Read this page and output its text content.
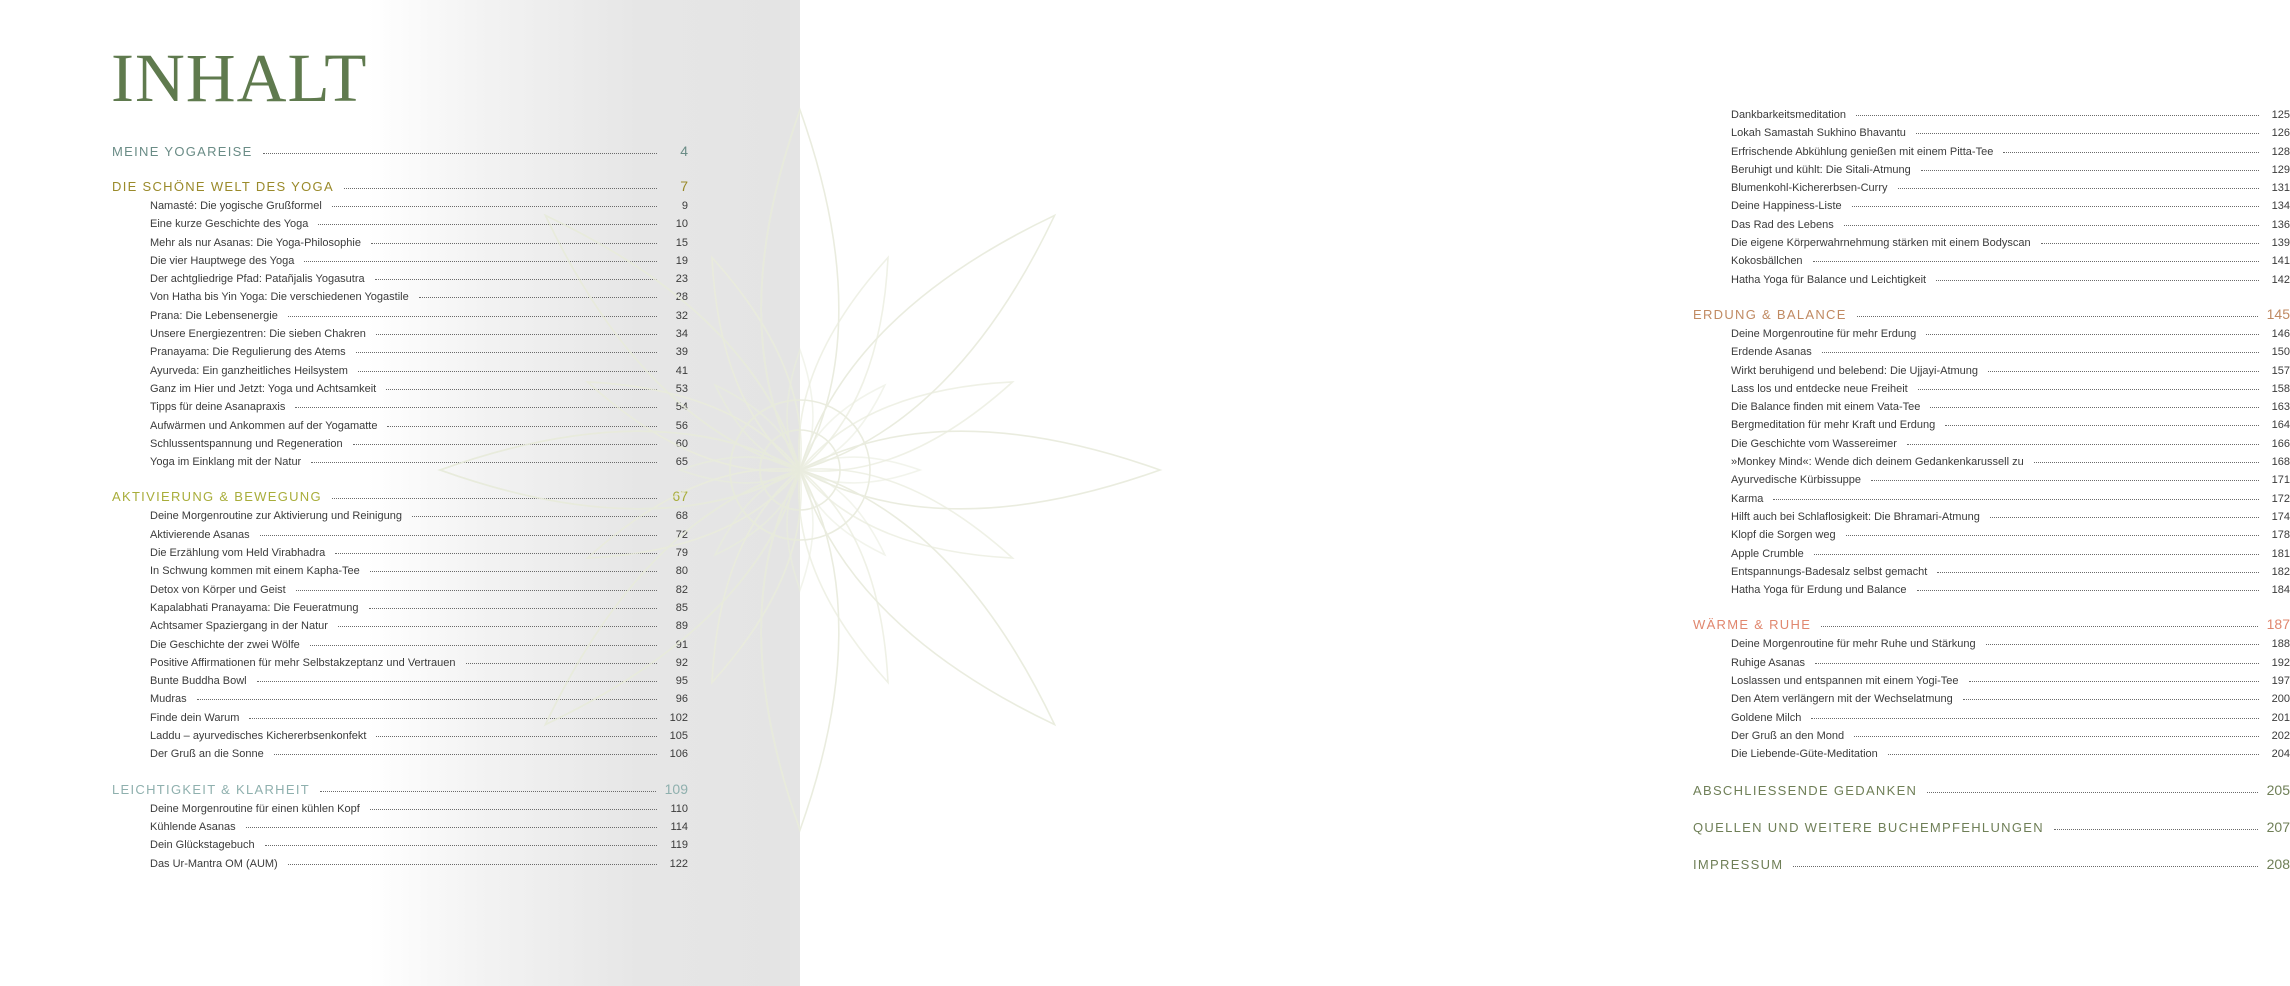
INHALT
MEINE YOGAREISE	4
DIE SCHÖNE WELT DES YOGA	7
Namasté: Die yogische Grußformel	9
Eine kurze Geschichte des Yoga	10
Mehr als nur Asanas: Die Yoga-Philosophie	15
Die vier Hauptwege des Yoga	19
Der achtgliedrige Pfad: Patañjalis Yogasutra	23
Von Hatha bis Yin Yoga: Die verschiedenen Yogastile	28
Prana: Die Lebensenergie	32
Unsere Energiezentren: Die sieben Chakren	34
Pranayama: Die Regulierung des Atems	39
Ayurveda: Ein ganzheitliches Heilsystem	41
Ganz im Hier und Jetzt: Yoga und Achtsamkeit	53
Tipps für deine Asanapraxis	54
Aufwärmen und Ankommen auf der Yogamatte	56
Schlussentspannung und Regeneration	60
Yoga im Einklang mit der Natur	65
AKTIVIERUNG & BEWEGUNG	67
Deine Morgenroutine zur Aktivierung und Reinigung	68
Aktivierende Asanas	72
Die Erzählung vom Held Virabhadra	79
In Schwung kommen mit einem Kapha-Tee	80
Detox von Körper und Geist	82
Kapalabhati Pranayama: Die Feueratmung	85
Achtsamer Spaziergang in der Natur	89
Die Geschichte der zwei Wölfe	91
Positive Affirmationen für mehr Selbstakzeptanz und Vertrauen	92
Bunte Buddha Bowl	95
Mudras	96
Finde dein Warum	102
Laddu – ayurvedisches Kichererbsenkonfekt	105
Der Gruß an die Sonne	106
LEICHTIGKEIT & KLARHEIT	109
Deine Morgenroutine für einen kühlen Kopf	110
Kühlende Asanas	114
Dein Glückstagebuch	119
Das Ur-Mantra OM (AUM)	122
Dankbarkeitsmeditation	125
Lokah Samastah Sukhino Bhavantu	126
Erfrischende Abkühlung genießen mit einem Pitta-Tee	128
Beruhigt und kühlt: Die Sitali-Atmung	129
Blumenkohl-Kichererbsen-Curry	131
Deine Happiness-Liste	134
Das Rad des Lebens	136
Die eigene Körperwahrnehmung stärken mit einem Bodyscan	139
Kokosbällchen	141
Hatha Yoga für Balance und Leichtigkeit	142
ERDUNG & BALANCE	145
Deine Morgenroutine für mehr Erdung	146
Erdende Asanas	150
Wirkt beruhigend und belebend: Die Ujjayi-Atmung	157
Lass los und entdecke neue Freiheit	158
Die Balance finden mit einem Vata-Tee	163
Bergmeditation für mehr Kraft und Erdung	164
Die Geschichte vom Wassereimer	166
»Monkey Mind«: Wende dich deinem Gedankenkarussell zu	168
Ayurvedische Kürbissuppe	171
Karma	172
Hilft auch bei Schlaflosigkeit: Die Bhramari-Atmung	174
Klopf die Sorgen weg	178
Apple Crumble	181
Entspannungs-Badesalz selbst gemacht	182
Hatha Yoga für Erdung und Balance	184
WÄRME & RUHE	187
Deine Morgenroutine für mehr Ruhe und Stärkung	188
Ruhige Asanas	192
Loslassen und entspannen mit einem Yogi-Tee	197
Den Atem verlängern mit der Wechselatmung	200
Goldene Milch	201
Der Gruß an den Mond	202
Die Liebende-Güte-Meditation	204
ABSCHLIESSENDE GEDANKEN	205
QUELLEN UND WEITERE BUCHEMPFEHLUNGEN	207
IMPRESSUM	208
